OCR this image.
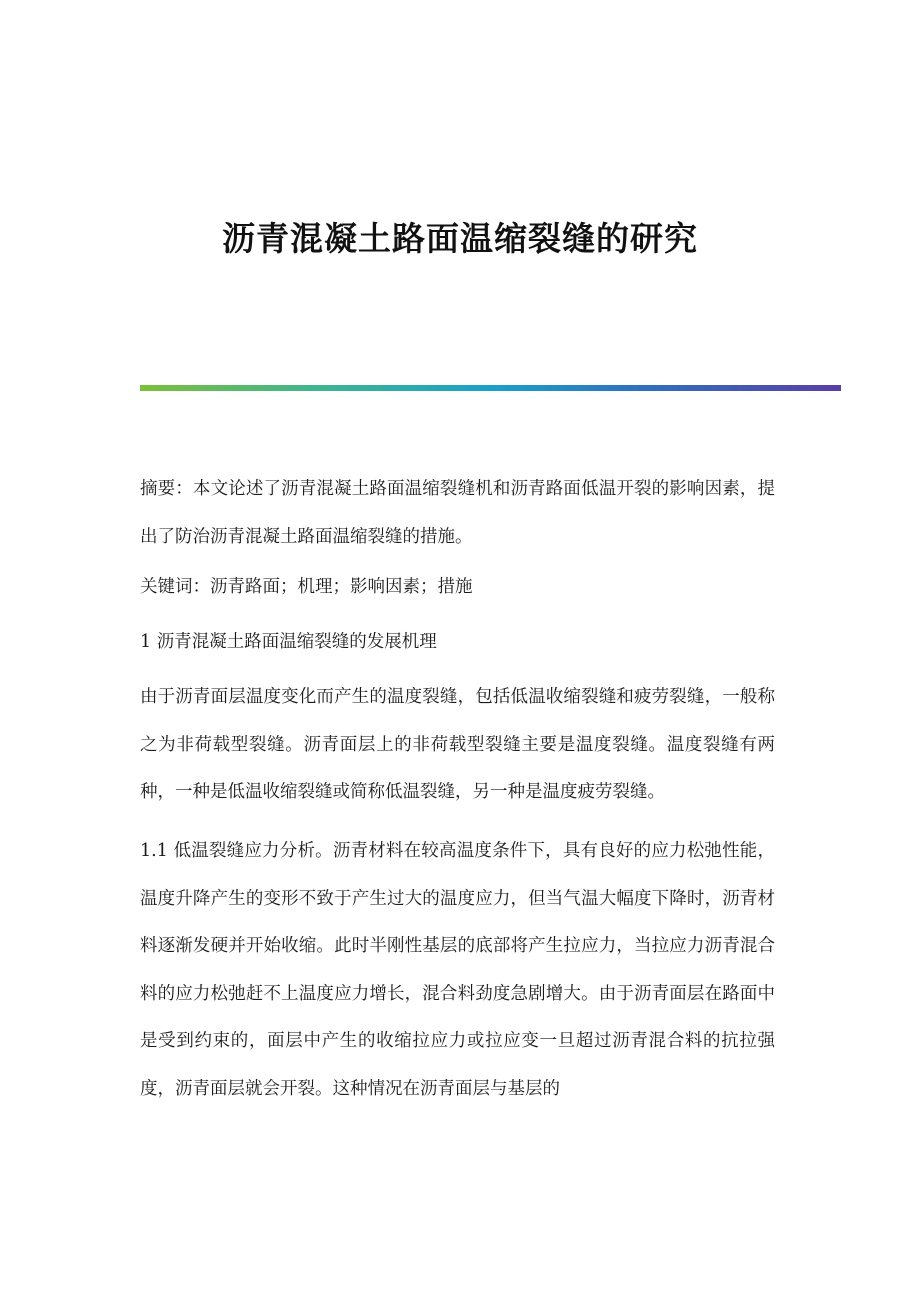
沥青混凝土路面温缩裂缝的研究

摘要：本文论述了沥青混凝土路面温缩裂缝机和沥青路面低温开裂的影响因素，提出了防治沥青混凝土路面温缩裂缝的措施。

关键词：沥青路面；机理；影响因素；措施

1 沥青混凝土路面温缩裂缝的发展机理

由于沥青面层温度变化而产生的温度裂缝，包括低温收缩裂缝和疲劳裂缝，一般称之为非荷载型裂缝。沥青面层上的非荷载型裂缝主要是温度裂缝。温度裂缝有两种，一种是低温收缩裂缝或简称低温裂缝，另一种是温度疲劳裂缝。

1.1 低温裂缝应力分析。沥青材料在较高温度条件下，具有良好的应力松弛性能，温度升降产生的变形不致于产生过大的温度应力，但当气温大幅度下降时，沥青材料逐渐发硬并开始收缩。此时半刚性基层的底部将产生拉应力，当拉应力沥青混合料的应力松弛赶不上温度应力增长，混合料劲度急剧增大。由于沥青面层在路面中是受到约束的，面层中产生的收缩拉应力或拉应变一旦超过沥青混合料的抗拉强度，沥青面层就会开裂。这种情况在沥青面层与基层的
